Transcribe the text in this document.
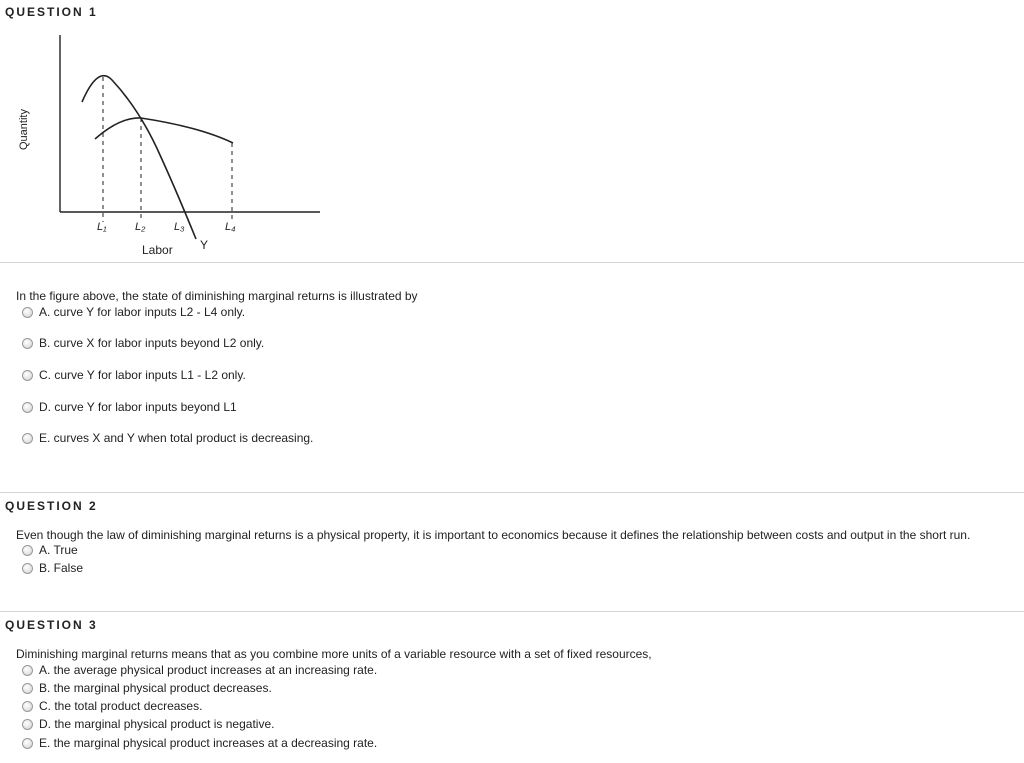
QUESTION 1
L₁	L₂	L₃	L₄
Y
Labor
Quantity
In the figure above, the state of diminishing marginal returns is illustrated by
A. curve Y for labor inputs L2 - L4 only.
B. curve X for labor inputs beyond L2 only.
C. curve Y for labor inputs L1 - L2 only.
D. curve Y for labor inputs beyond L1
E. curves X and Y when total product is decreasing.
QUESTION 2
Even though the law of diminishing marginal returns is a physical property, it is important to economics because it defines the relationship between costs and output in the short run.
A. True
B. False
QUESTION 3
Diminishing marginal returns means that as you combine more units of a variable resource with a set of fixed resources,
A. the average physical product increases at an increasing rate.
B. the marginal physical product decreases.
C. the total product decreases.
D. the marginal physical product is negative.
E. the marginal physical product increases at a decreasing rate.
